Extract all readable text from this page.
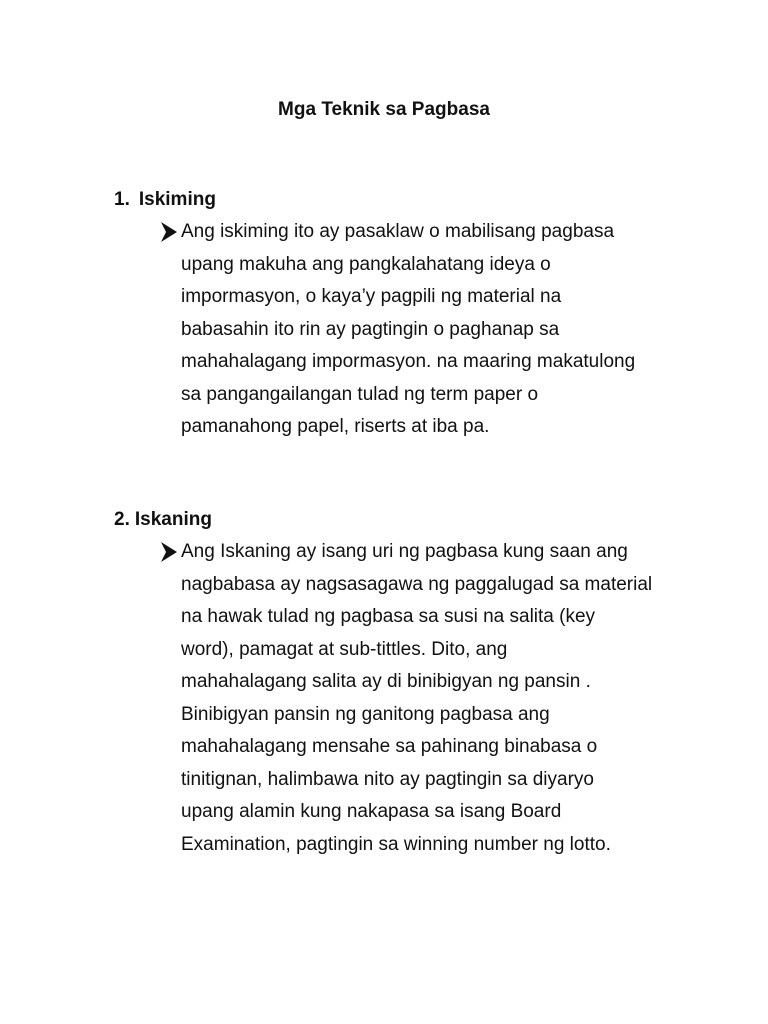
Mga Teknik sa Pagbasa
1. Iskiming
Ang iskiming ito ay pasaklaw o mabilisang pagbasa
upang makuha ang pangkalahatang ideya o
impormasyon, o kaya’y pagpili ng material na
babasahin ito rin ay pagtingin o paghanap sa
mahahalagang impormasyon. na maaring makatulong
sa pangangailangan tulad ng term paper o
pamanahong papel, riserts at iba pa.
2. Iskaning
Ang Iskaning ay isang uri ng pagbasa kung saan ang
nagbabasa ay nagsasagawa ng paggalugad sa material
na hawak tulad ng pagbasa sa susi na salita (key
word), pamagat at sub-tittles. Dito, ang
mahahalagang salita ay di binibigyan ng pansin .
Binibigyan pansin ng ganitong pagbasa ang
mahahalagang mensahe sa pahinang binabasa o
tinitignan, halimbawa nito ay pagtingin sa diyaryo
upang alamin kung nakapasa sa isang Board
Examination, pagtingin sa winning number ng lotto.
